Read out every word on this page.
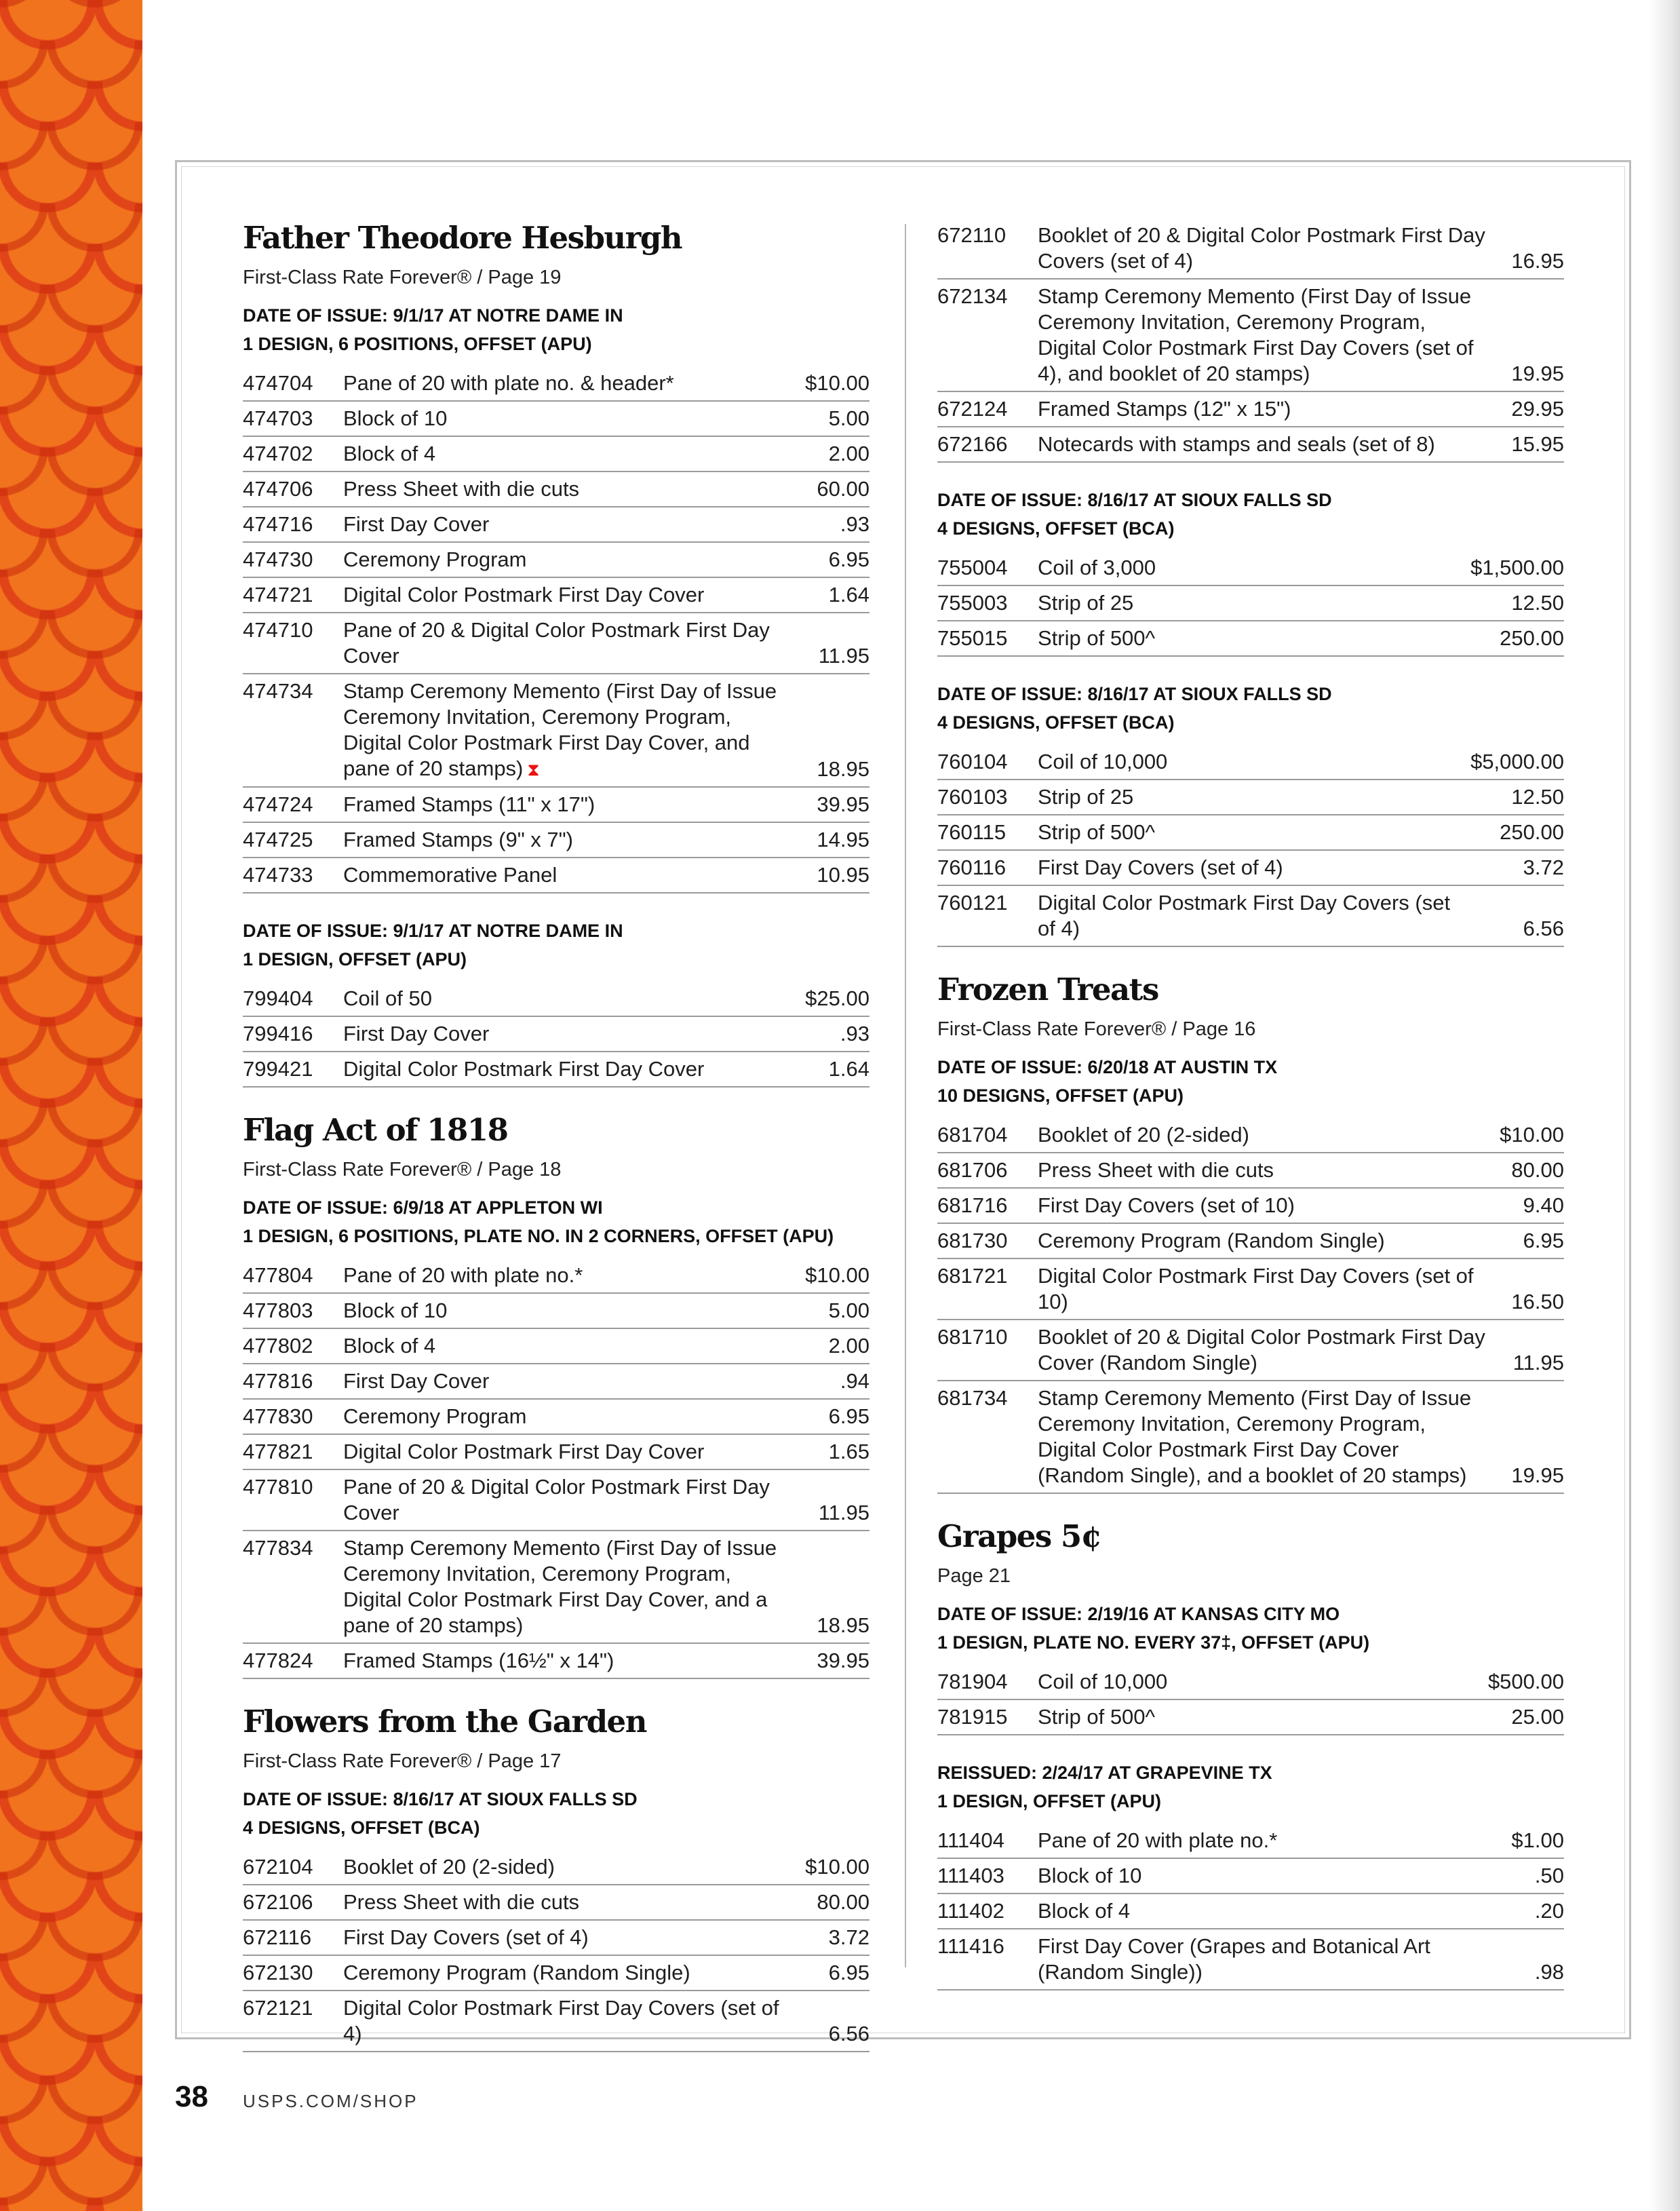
Father Theodore Hesburgh
First-Class Rate Forever® / Page 19
DATE OF ISSUE: 9/1/17 AT NOTRE DAME IN
1 DESIGN, 6 POSITIONS, OFFSET (APU)
474704	Pane of 20 with plate no. & header*	$10.00
474703	Block of 10	5.00
474702	Block of 4	2.00
474706	Press Sheet with die cuts	60.00
474716	First Day Cover	.93
474730	Ceremony Program	6.95
474721	Digital Color Postmark First Day Cover	1.64
474710	Pane of 20 & Digital Color Postmark First Day Cover	11.95
474734	Stamp Ceremony Memento (First Day of Issue Ceremony Invitation, Ceremony Program, Digital Color Postmark First Day Cover, and pane of 20 stamps) ⧗	18.95
474724	Framed Stamps (11" x 17")	39.95
474725	Framed Stamps (9" x 7")	14.95
474733	Commemorative Panel	10.95
DATE OF ISSUE: 9/1/17 AT NOTRE DAME IN
1 DESIGN, OFFSET (APU)
799404	Coil of 50	$25.00
799416	First Day Cover	.93
799421	Digital Color Postmark First Day Cover	1.64
Flag Act of 1818
First-Class Rate Forever® / Page 18
DATE OF ISSUE: 6/9/18 AT APPLETON WI
1 DESIGN, 6 POSITIONS, PLATE NO. IN 2 CORNERS, OFFSET (APU)
477804	Pane of 20 with plate no.*	$10.00
477803	Block of 10	5.00
477802	Block of 4	2.00
477816	First Day Cover	.94
477830	Ceremony Program	6.95
477821	Digital Color Postmark First Day Cover	1.65
477810	Pane of 20 & Digital Color Postmark First Day Cover	11.95
477834	Stamp Ceremony Memento (First Day of Issue Ceremony Invitation, Ceremony Program, Digital Color Postmark First Day Cover, and a pane of 20 stamps)	18.95
477824	Framed Stamps (16½" x 14")	39.95
Flowers from the Garden
First-Class Rate Forever® / Page 17
DATE OF ISSUE: 8/16/17 AT SIOUX FALLS SD
4 DESIGNS, OFFSET (BCA)
672104	Booklet of 20 (2-sided)	$10.00
672106	Press Sheet with die cuts	80.00
672116	First Day Covers (set of 4)	3.72
672130	Ceremony Program (Random Single)	6.95
672121	Digital Color Postmark First Day Covers (set of 4)	6.56
672110	Booklet of 20 & Digital Color Postmark First Day Covers (set of 4)	16.95
672134	Stamp Ceremony Memento (First Day of Issue Ceremony Invitation, Ceremony Program, Digital Color Postmark First Day Covers (set of 4), and booklet of 20 stamps)	19.95
672124	Framed Stamps (12" x 15")	29.95
672166	Notecards with stamps and seals (set of 8)	15.95
DATE OF ISSUE: 8/16/17 AT SIOUX FALLS SD
4 DESIGNS, OFFSET (BCA)
755004	Coil of 3,000	$1,500.00
755003	Strip of 25	12.50
755015	Strip of 500^	250.00
DATE OF ISSUE: 8/16/17 AT SIOUX FALLS SD
4 DESIGNS, OFFSET (BCA)
760104	Coil of 10,000	$5,000.00
760103	Strip of 25	12.50
760115	Strip of 500^	250.00
760116	First Day Covers (set of 4)	3.72
760121	Digital Color Postmark First Day Covers (set of 4)	6.56
Frozen Treats
First-Class Rate Forever® / Page 16
DATE OF ISSUE: 6/20/18 AT AUSTIN TX
10 DESIGNS, OFFSET (APU)
681704	Booklet of 20 (2-sided)	$10.00
681706	Press Sheet with die cuts	80.00
681716	First Day Covers (set of 10)	9.40
681730	Ceremony Program (Random Single)	6.95
681721	Digital Color Postmark First Day Covers (set of 10)	16.50
681710	Booklet of 20 & Digital Color Postmark First Day Cover (Random Single)	11.95
681734	Stamp Ceremony Memento (First Day of Issue Ceremony Invitation, Ceremony Program, Digital Color Postmark First Day Cover (Random Single), and a booklet of 20 stamps)	19.95
Grapes 5¢
Page 21
DATE OF ISSUE: 2/19/16 AT KANSAS CITY MO
1 DESIGN, PLATE NO. EVERY 37‡, OFFSET (APU)
781904	Coil of 10,000	$500.00
781915	Strip of 500^	25.00
REISSUED: 2/24/17 AT GRAPEVINE TX
1 DESIGN, OFFSET (APU)
111404	Pane of 20 with plate no.*	$1.00
111403	Block of 10	.50
111402	Block of 4	.20
111416	First Day Cover (Grapes and Botanical Art (Random Single))	.98
38 USPS.COM/SHOP
